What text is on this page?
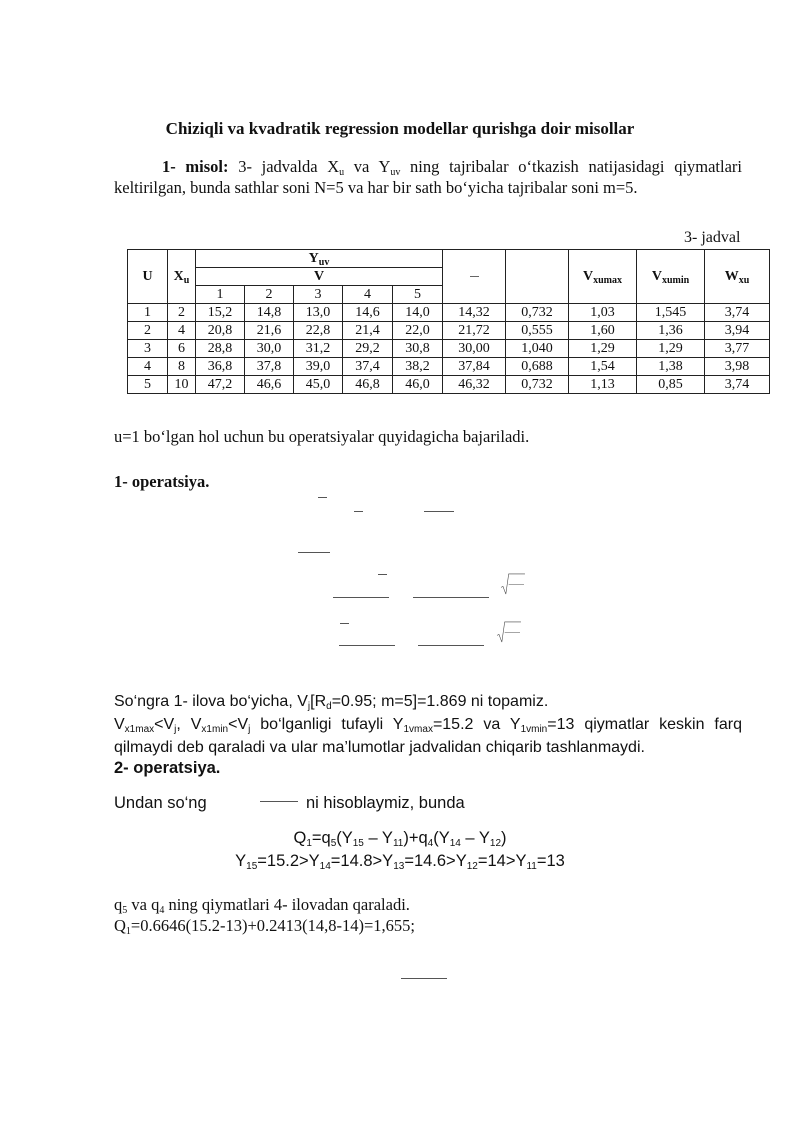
Chiziqli va kvadratik regression modellar qurishga doir misollar

1- misol: 3- jadvalda $X_u$ va $Y_{uv}$ ning tajribalar o‘tkazish natijasidagi qiymatlari keltirilgan, bunda sathlar soni N=5 va har bir sath bo‘yicha tajribalar soni m=5.

3- jadval
U	$X_u$	$Y_{uv}$							$V_{xumax}$	$V_{xumin}$	$W_{xu}$
		V									
		1	2	3	4	5					
1	2	15,2	14,8	13,0	14,6	14,0	14,32	0,732	1,03	1,545	3,74
2	4	20,8	21,6	22,8	21,4	22,0	21,72	0,555	1,60	1,36	3,94
3	6	28,8	30,0	31,2	29,2	30,8	30,00	1,040	1,29	1,29	3,77
4	8	36,8	37,8	39,0	37,4	38,2	37,84	0,688	1,54	1,38	3,98
5	10	47,2	46,6	45,0	46,8	46,0	46,32	0,732	1,13	0,85	3,74
u=1 bo‘lgan hol uchun bu operatsiyalar quyidagicha bajariladi.
1- operatsiya.

So‘ngra 1- ilova bo‘yicha, $V_j[R_d=0.95$; m=5]=1.869 ni topamiz.

$V_{x1max}<V_j$, $V_{x1min}<V_j$ bo‘lganligi tufayli $Y_{1vmax}=15.2$ va $Y_{1vmin}=13$ qiymatlar keskin farq qilmaydi deb qaraladi va ular ma’lumotlar jadvalidan chiqarib tashlanmaydi.

2- operatsiya.
Undan so‘ng	ni hisoblaymiz, bunda
$Q_1=q_5(Y_{15} - Y_{11})+q_4(Y_{14} - Y_{12})$
$Y_{15}=15.2>Y_{14}=14.8>Y_{13}=14.6>Y_{12}=14>Y_{11}=13$
$q_5$ va $q_4$ ning qiymatlari 4- ilovadan qaraladi.
$Q_1=0.6646(15.2-13)+0.2413(14,8-14)=1,655$;
